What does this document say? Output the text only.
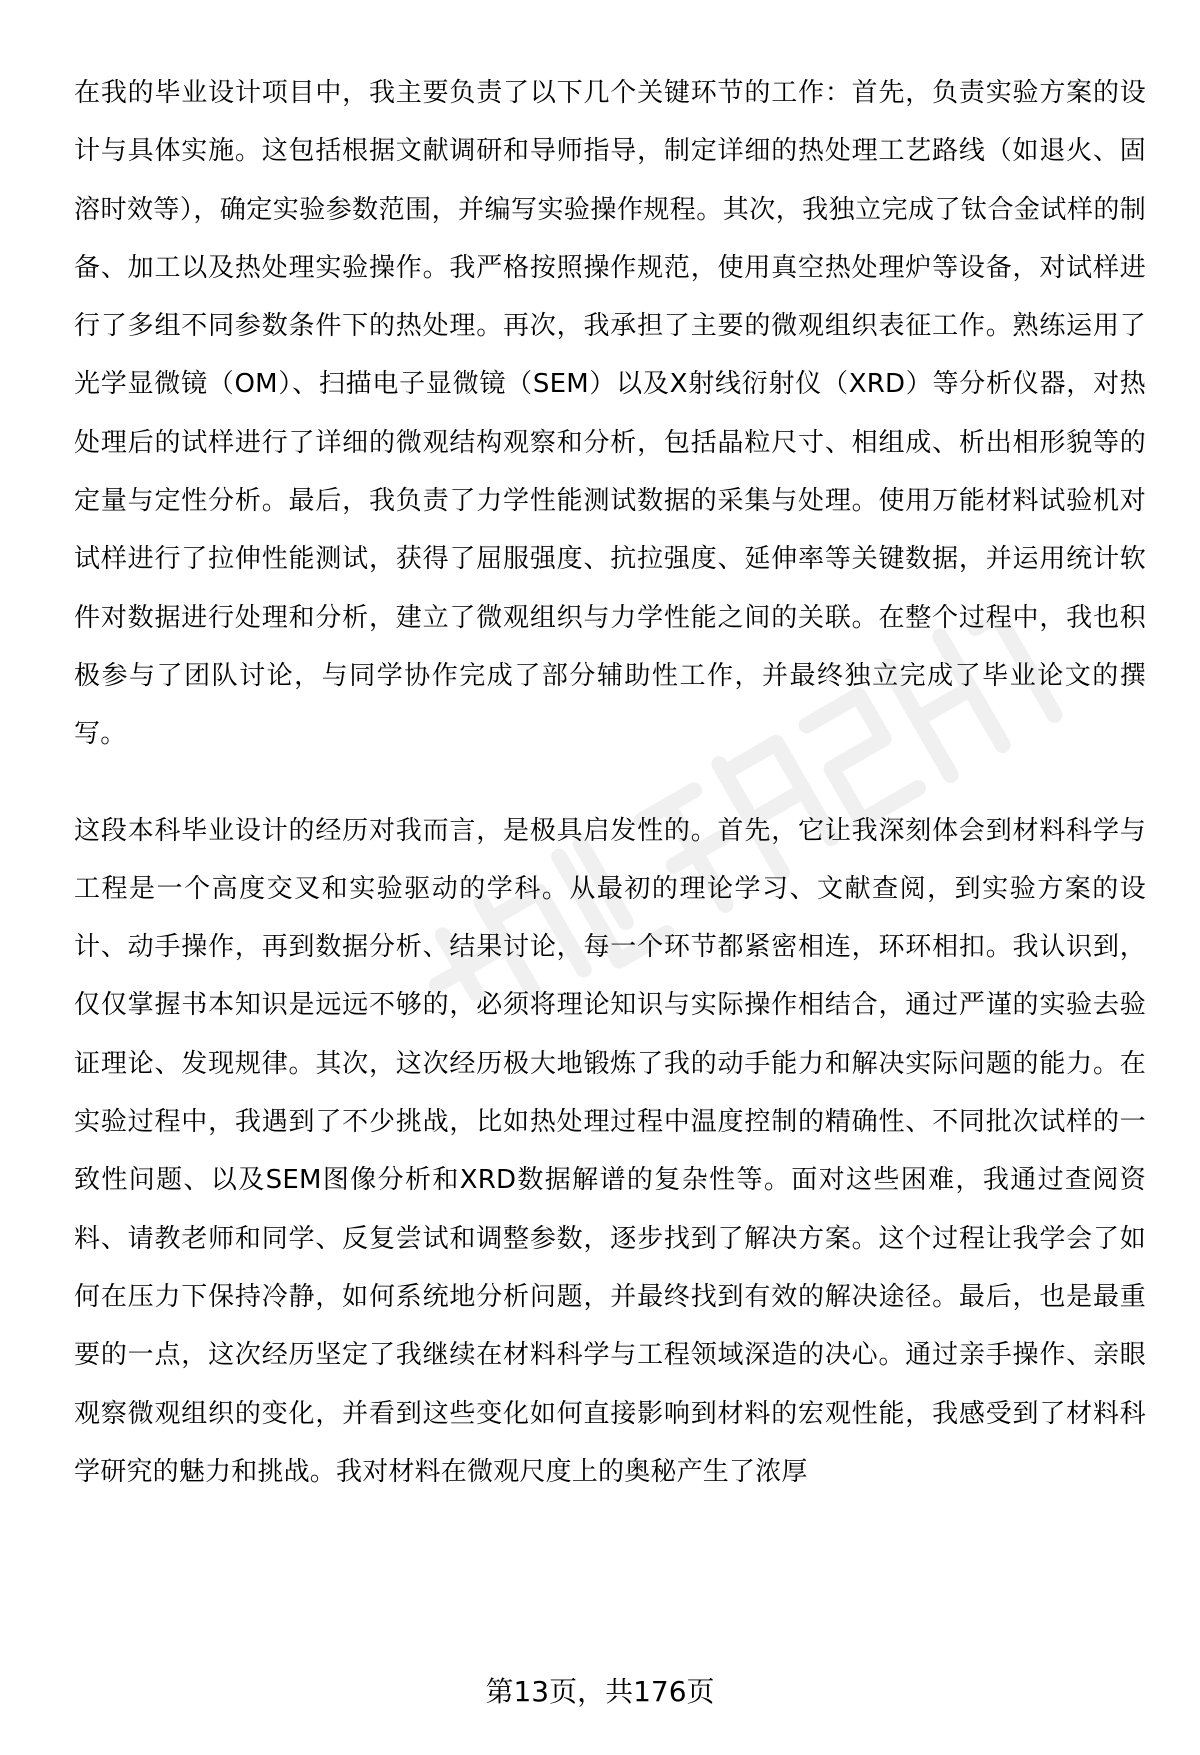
在我的毕业设计项目中，我主要负责了以下几个关键环节的工作：首先，负责实验方案的设计与具体实施。这包括根据文献调研和导师指导，制定详细的热处理工艺路线（如退火、固溶时效等），确定实验参数范围，并编写实验操作规程。其次，我独立完成了钛合金试样的制备、加工以及热处理实验操作。我严格按照操作规范，使用真空热处理炉等设备，对试样进行了多组不同参数条件下的热处理。再次，我承担了主要的微观组织表征工作。熟练运用了光学显微镜（OM）、扫描电子显微镜（SEM）以及X射线衍射仪（XRD）等分析仪器，对热处理后的试样进行了详细的微观结构观察和分析，包括晶粒尺寸、相组成、析出相形貌等的定量与定性分析。最后，我负责了力学性能测试数据的采集与处理。使用万能材料试验机对试样进行了拉伸性能测试，获得了屈服强度、抗拉强度、延伸率等关键数据，并运用统计软件对数据进行处理和分析，建立了微观组织与力学性能之间的关联。在整个过程中，我也积极参与了团队讨论，与同学协作完成了部分辅助性工作，并最终独立完成了毕业论文的撰写。

这段本科毕业设计的经历对我而言，是极具启发性的。首先，它让我深刻体会到材料科学与工程是一个高度交叉和实验驱动的学科。从最初的理论学习、文献查阅，到实验方案的设计、动手操作，再到数据分析、结果讨论，每一个环节都紧密相连，环环相扣。我认识到，仅仅掌握书本知识是远远不够的，必须将理论知识与实际操作相结合，通过严谨的实验去验证理论、发现规律。其次，这次经历极大地锻炼了我的动手能力和解决实际问题的能力。在实验过程中，我遇到了不少挑战，比如热处理过程中温度控制的精确性、不同批次试样的一致性问题、以及SEM图像分析和XRD数据解谱的复杂性等。面对这些困难，我通过查阅资料、请教老师和同学、反复尝试和调整参数，逐步找到了解决方案。这个过程让我学会了如何在压力下保持冷静，如何系统地分析问题，并最终找到有效的解决途径。最后，也是最重要的一点，这次经历坚定了我继续在材料科学与工程领域深造的决心。通过亲手操作、亲眼观察微观组织的变化，并看到这些变化如何直接影响到材料的宏观性能，我感受到了材料科学研究的魅力和挑战。我对材料在微观尺度上的奥秘产生了浓厚

第13页，共176页
